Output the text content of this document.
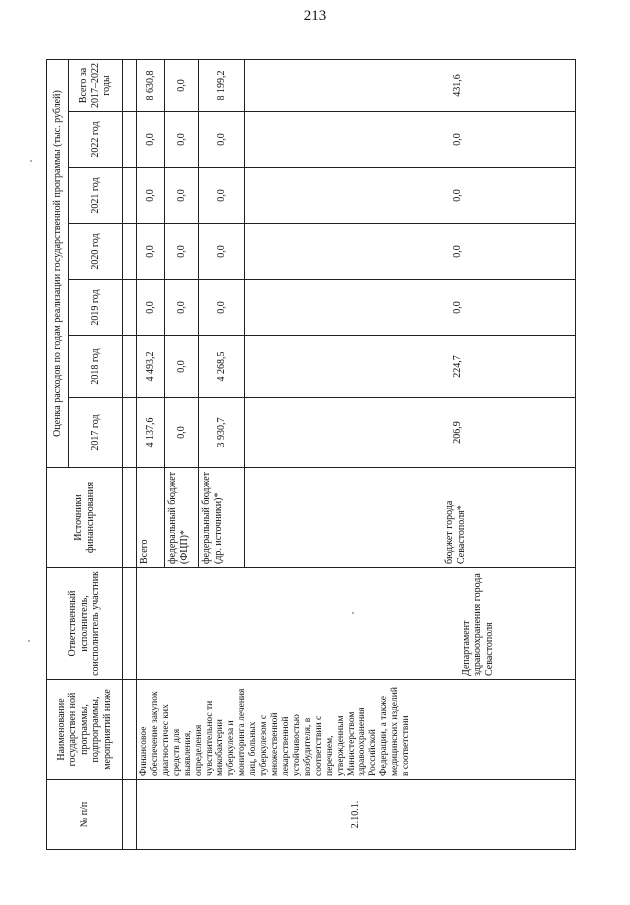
213
№ п/п	Наименование государствен ной программы, подпрограммы, мероприятий ниже	Ответственный исполнитель, соисполнитель участник	Источники финансирования	Оценка расходов по годам реализации государственной программы (тыс. рублей)						
				2017 год	2018 год	2019 год	2020 год	2021 год	2022 год	Всего за 2017–2022 годы

2.10.1.	Финансовое обеспечение закупок диагностичес ких средств для выявления, определения чувствительнос ти микобактерии туберкулеза и мониторинга лечения лиц, больных туберкулезом с множественной лекарственной устойчивостью возбудителя, в соответствии с перечнем, утвержденным Министерством здравоохранения Российской Федерации, а также медицинских изделий в соответствии	Департамент здравоохранения города Севастополя	Всего	4 137,6	4 493,2	0,0	0,0	0,0	0,0	8 630,8
			федеральный бюджет (ФЦП)*	0,0	0,0	0,0	0,0	0,0	0,0	0,0
			федеральный бюджет (др. источники)*	3 930,7	4 268,5	0,0	0,0	0,0	0,0	8 199,2
			бюджет города Севастополя*	206,9	224,7	0,0	0,0	0,0	0,0	431,6
